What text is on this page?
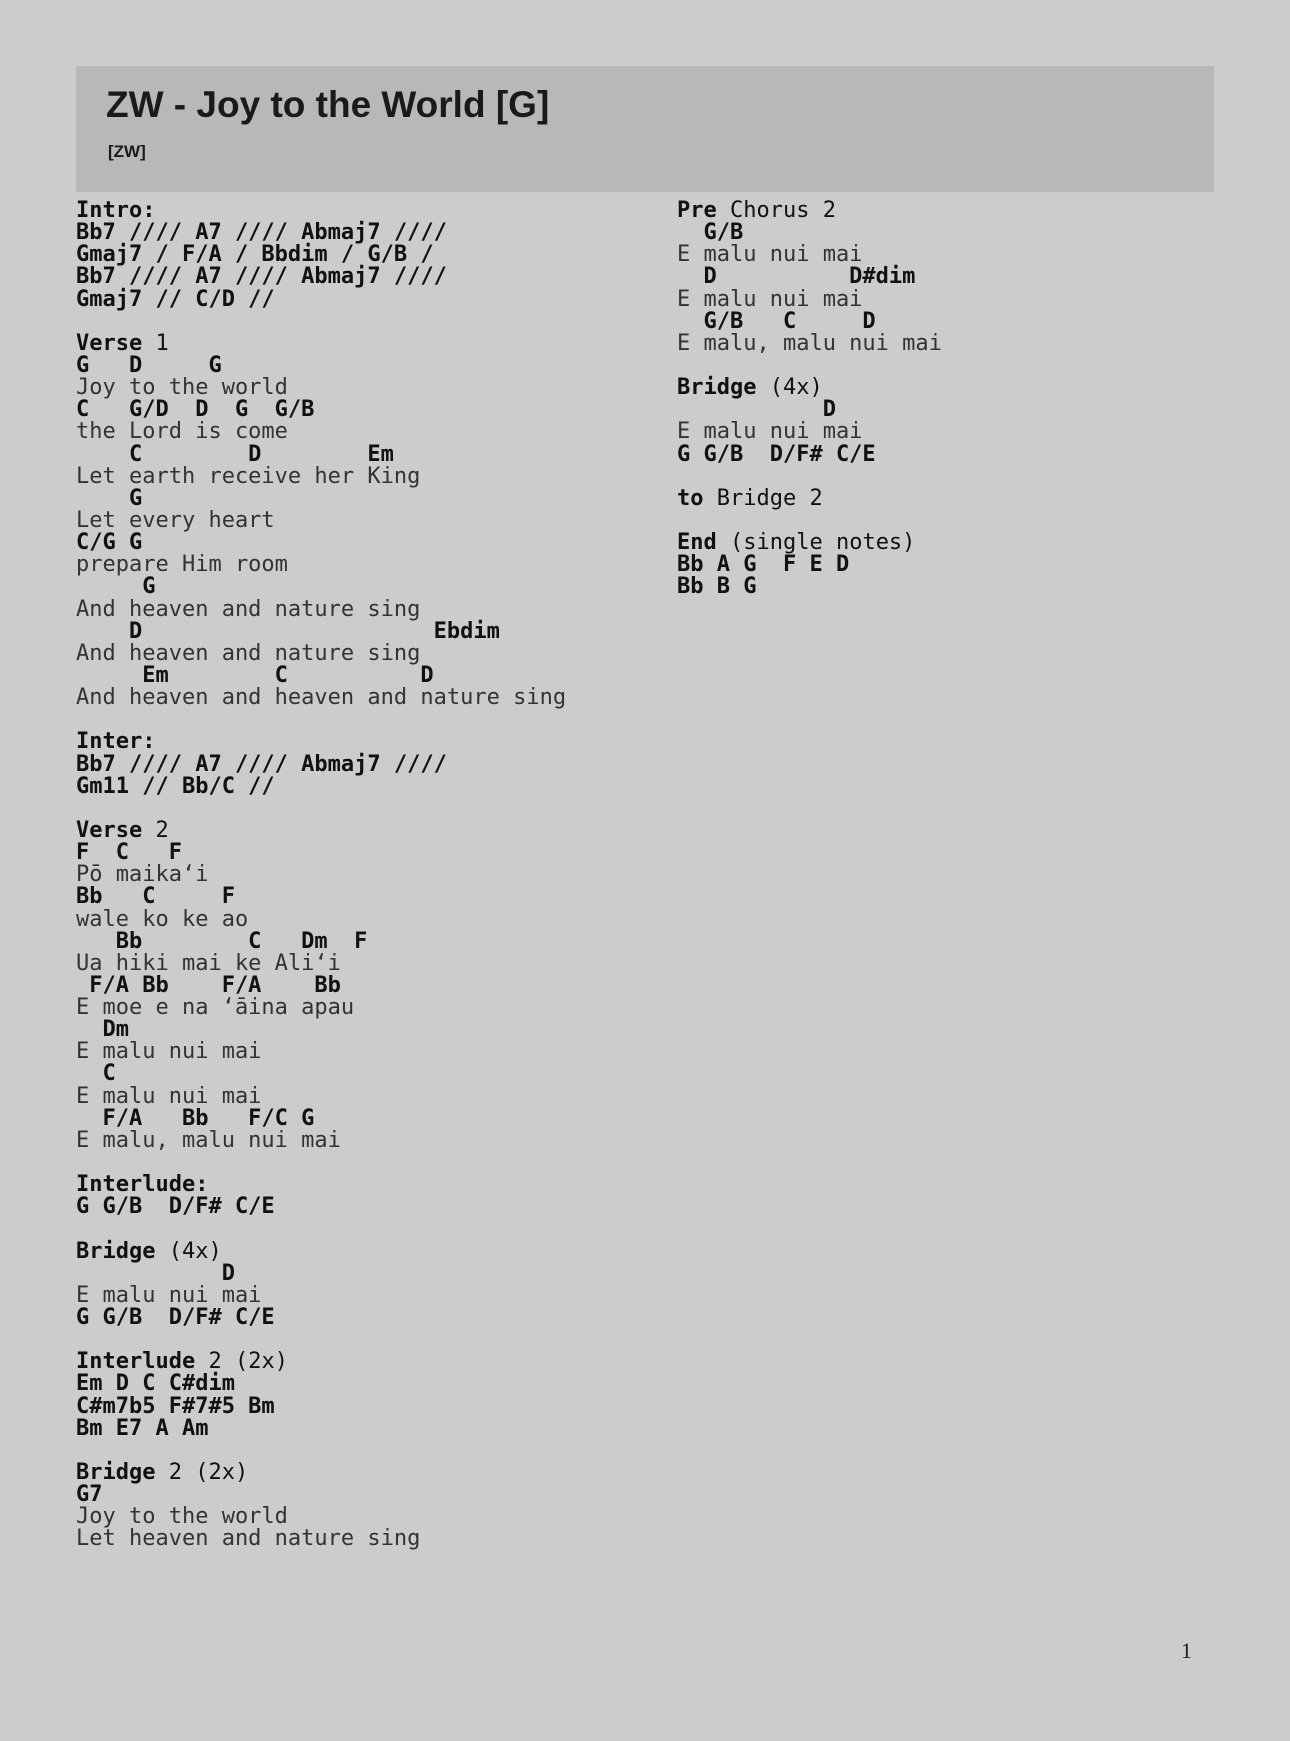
ZW - Joy to the World [G]
[ZW]
Intro:
Bb7 //// A7 //// Abmaj7 ////
Gmaj7 / F/A / Bbdim / G/B /
Bb7 //// A7 //// Abmaj7 ////
Gmaj7 // C/D //
Verse 1
G   D     G
Joy to the world
C   G/D  D  G  G/B
the Lord is come
C        D        Em
Let earth receive her King
G
Let every heart
C/G G
prepare Him room
G
And heaven and nature sing
D                      Ebdim
And heaven and nature sing
Em        C          D
And heaven and heaven and nature sing
Inter:
Bb7 //// A7 //// Abmaj7 ////
Gm11 // Bb/C //
Verse 2
F  C   F
Pō maikaʻi
Bb   C     F
wale ko ke ao
Bb        C   Dm  F
Ua hiki mai ke Aliʻi
F/A Bb    F/A    Bb
E moe e na ʻāina apau
Dm
E malu nui mai
C
E malu nui mai
F/A   Bb   F/C G
E malu, malu nui mai
Interlude:
G G/B  D/F# C/E
Bridge (4x)
D
E malu nui mai
G G/B  D/F# C/E
Interlude 2 (2x)
Em D C C#dim
C#m7b5 F#7#5 Bm
Bm E7 A Am
Bridge 2 (2x)
G7
Joy to the world
Let heaven and nature sing
Pre Chorus 2
G/B
E malu nui mai
D          D#dim
E malu nui mai
G/B   C     D
E malu, malu nui mai
Bridge (4x)
D
E malu nui mai
G G/B  D/F# C/E
to Bridge 2
End (single notes)
Bb A G  F E D
Bb B G
1
